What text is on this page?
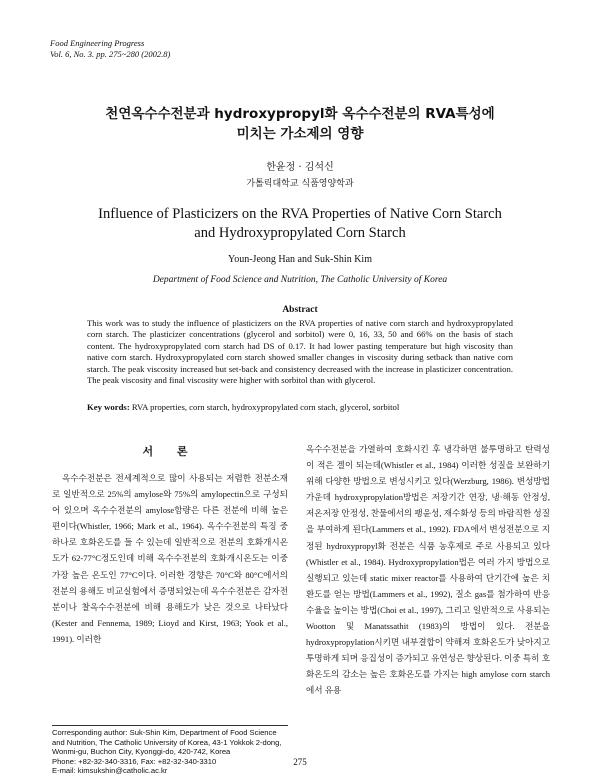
Food Engineering Progress
Vol. 6, No. 3. pp. 275~280 (2002.8)
천연옥수수전분과 hydroxypropyl화 옥수수전분의 RVA특성에
미치는 가소제의 영향
한윤정 · 김석신
가톨릭대학교 식품영양학과
Influence of Plasticizers on the RVA Properties of Native Corn Starch
and Hydroxypropylated Corn Starch
Youn-Jeong Han and Suk-Shin Kim
Department of Food Science and Nutrition, The Catholic University of Korea
Abstract
This work was to study the influence of plasticizers on the RVA properties of native corn starch and hydroxypropylated corn starch. The plasticizer concentrations (glycerol and sorbitol) were 0, 16, 33, 50 and 66% on the basis of stach content. The hydroxypropylated corn starch had DS of 0.17. It had lower pasting temperature but high viscosity than native corn starch. Hydroxypropylated corn starch showed smaller changes in viscosity during setback than native corn starch. The peak viscosity increased but set-back and consistency decreased with the increase in plasticizer concentration. The peak viscosity and final viscosity were higher with sorbitol than with glycerol.
Key words: RVA properties, corn starch, hydroxypropylated corn stach, glycerol, sorbitol
서 론
옥수수전분은 전세계적으로 많이 사용되는 저렴한 전분소재로 일반적으로 25%의 amylose와 75%의 amylopectin으로 구성되어 있으며 옥수수전분의 amylose함량은 다른 전분에 비해 높은 편이다(Whistler, 1966; Mark et al., 1964). 옥수수전분의 특징 중 하나로 호화온도를 들 수 있는데 일반적으로 전분의 호화개시온도가 62-77°C정도인데 비해 옥수수전분의 호화개시온도는 이중 가장 높은 온도인 77°C이다. 이러한 경향은 70°C와 80°C에서의 전분의 용해도 비교실험에서 증명되었는데 옥수수전분은 감자전분이나 찰옥수수전분에 비해 용해도가 낮은 것으로 나타났다(Kester and Fennema, 1989; Lioyd and Kirst, 1963; Yook et al., 1991). 이러한
옥수수전분을 가열하여 호화시킨 후 냉각하면 불투명하고 탄력성이 적은 겔이 되는데(Whistler et al., 1984) 이러한 성질을 보완하기 위해 다양한 방법으로 변성시키고 있다(Werzburg, 1986). 변성방법 가운데 hydroxypropylation방법은 저장기간 연장, 냉·해동 안정성, 저온저장 안정성, 찬물에서의 팽윤성, 재수화성 등의 바람직한 성질을 부여하게 된다(Lammers et al., 1992). FDA에서 변성전분으로 지정된 hydroxypropyl화 전분은 식품 농후제로 주로 사용되고 있다(Whistler et al., 1984). Hydroxypropylation법은 여러 가지 방법으로 실행되고 있는데 static mixer reactor를 사용하여 단기간에 높은 치환도를 얻는 방법(Lammers et al., 1992), 질소 gas를 첨가하여 반응 수율을 높이는 방법(Choi et al., 1997), 그리고 일반적으로 사용되는 Wootton 및 Manatssathit (1983)의 방법이 있다. 전분을 hydroxypropylation시키면 내부결합이 약해져 호화온도가 낮아지고 투명하게 되며 응집성이 증가되고 유연성은 향상된다. 이중 특히 호화온도의 감소는 높은 호화온도를 가지는 high amylose corn starch에서 유용
Corresponding author: Suk-Shin Kim, Department of Food Science and Nutrition, The Catholic University of Korea, 43-1 Yokkok 2-dong, Wonmi-gu, Buchon City, Kyonggi-do, 420-742, Korea
Phone: +82-32-340-3316, Fax: +82-32-340-3310
E-mail: kimsukshin@catholic.ac.kr
275
